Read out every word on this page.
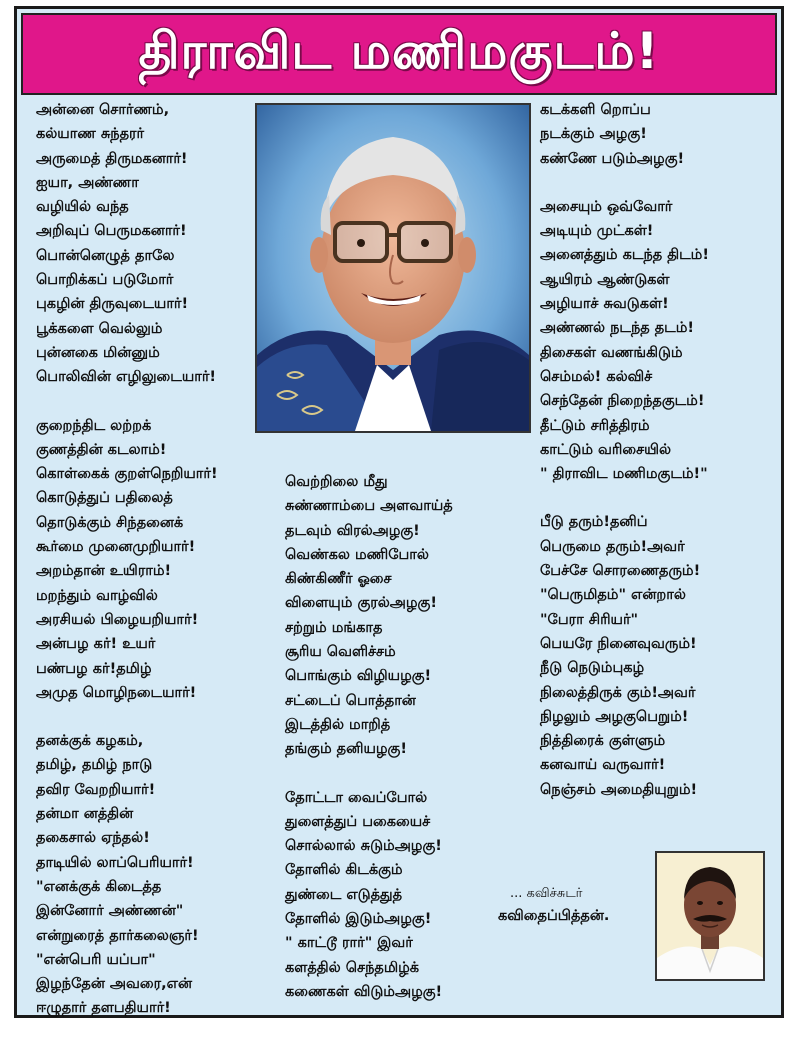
திராவிட மணிமகுடம்!
அன்னை சொர்ணம்,
கல்யாண சுந்தரர்
அருமைத் திருமகனார்!
ஐயா, அண்ணா
வழியில் வந்த
அறிவுப் பெருமகனார்!
பொன்னெழுத் தாலே
பொறிக்கப் படுமோர்
புகழின் திருவுடையார்!
பூக்களை வெல்லும்
புன்னகை மின்னும்
பொலிவின் எழிலுடையார்!
குறைந்திட லற்றக்
குணத்தின் கடலாம்!
கொள்கைக் குறள்நெறியார்!
கொடுத்துப் பதிலைத்
தொடுக்கும் சிந்தனைக்
கூர்மை முனைமுறியார்!
அறம்தான் உயிராம்!
மறந்தும் வாழ்வில்
அரசியல் பிழையறியார்!
அன்பழ கர்! உயர்
பண்பழ கர்!தமிழ்
அமுத மொழிநடையார்!
தனக்குக் கழகம்,
தமிழ், தமிழ் நாடு
தவிர வேறறியார்!
தன்மா னத்தின்
தகைசால் ஏந்தல்!
தாடியில் லாப்பெரியார்!
"எனக்குக் கிடைத்த
இன்னோர் அண்ணன்"
என்றுரைத் தார்கலைஞர்!
"என்பெரி யப்பா"
இழந்தேன் அவரை,என்
ஈழுதார் தளபதியார்!
வெற்றிலை மீது
சுண்ணாம்பை அளவாய்த்
தடவும் விரல்அழகு!
வெண்கல மணிபோல்
கிண்கிணீர் ஓசை
விளையும் குரல்அழகு!
சற்றும் மங்காத
சூரிய வெளிச்சம்
பொங்கும் விழியழகு!
சட்டைப் பொத்தான்
இடத்தில் மாறித்
தங்கும் தனியழகு!
தோட்டா வைப்போல்
துளைத்துப் பகையைச்
சொல்லால் சுடும்அழகு!
தோளில் கிடக்கும்
துண்டை எடுத்துத்
தோளில் இடும்அழகு!
" காட்டூ ரார்" இவர்
களத்தில் செந்தமிழ்க்
கணைகள் விடும்அழகு!
கடக்களி றொப்ப
நடக்கும் அழகு!
கண்ணே படும்அழகு!
அசையும் ஒவ்வோர்
அடியும் முட்கள்!
அனைத்தும் கடந்த திடம்!
ஆயிரம் ஆண்டுகள்
அழியாச் சுவடுகள்!
அண்ணல் நடந்த தடம்!
திசைகள் வணங்கிடும்
செம்மல்! கல்விச்
செந்தேன் நிறைந்தகுடம்!
தீட்டும் சரித்திரம்
காட்டும் வரிசையில்
" திராவிட மணிமகுடம்!"
பீடு தரும்!தனிப்
பெருமை தரும்!அவர்
பேச்சே சொரணைதரும்!
"பெருமிதம்" என்றால்
"பேரா சிரியர்"
பெயரே நினைவுவரும்!
நீடு நெடும்புகழ்
நிலைத்திருக் கும்!அவர்
நிழலும் அழகுபெறும்!
நித்திரைக் குள்ளும்
கனவாய் வருவார்!
நெஞ்சம் அமைதியுறும்!
... கவிச்சுடர்
கவிதைப்பித்தன்.
